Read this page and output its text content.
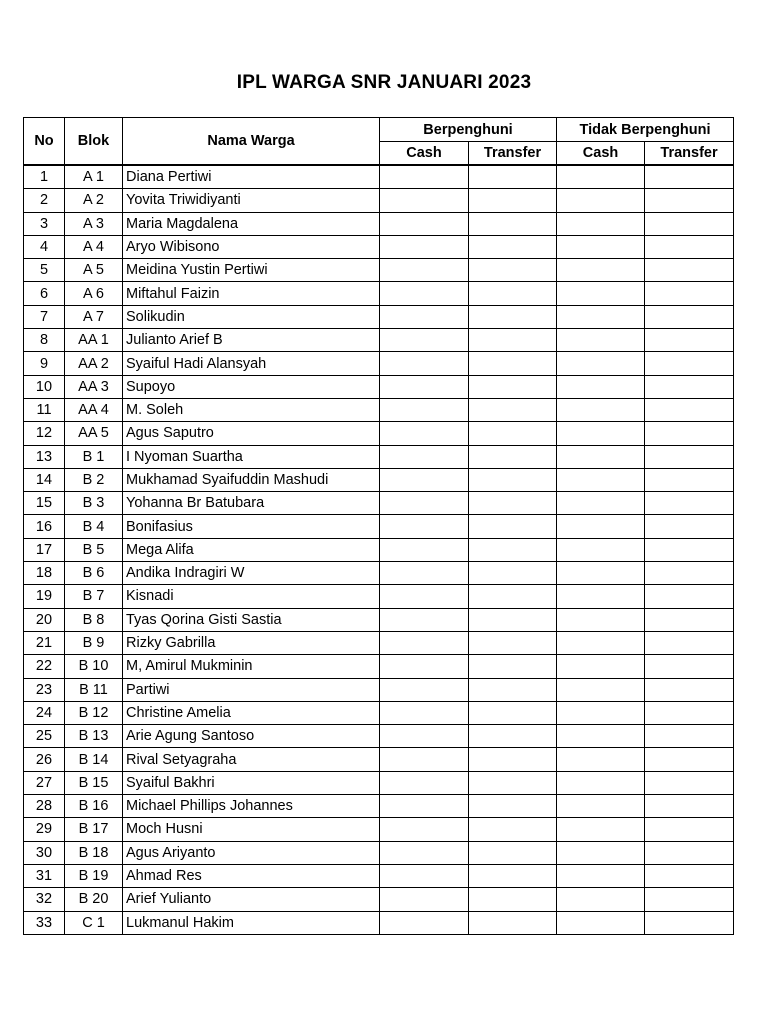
IPL WARGA SNR JANUARI 2023
No	Blok	Nama Warga	Berpenghuni		Tidak Berpenghuni	
			Cash	Transfer	Cash	Transfer
1	A 1	Diana Pertiwi				
2	A 2	Yovita Triwidiyanti				
3	A 3	Maria Magdalena				
4	A 4	Aryo Wibisono				
5	A 5	Meidina Yustin Pertiwi				
6	A 6	Miftahul Faizin				
7	A 7	Solikudin				
8	AA 1	Julianto Arief B				
9	AA 2	Syaiful Hadi Alansyah				
10	AA 3	Supoyo				
11	AA 4	M. Soleh				
12	AA 5	Agus Saputro				
13	B 1	I Nyoman Suartha				
14	B 2	Mukhamad Syaifuddin Mashudi				
15	B 3	Yohanna Br Batubara				
16	B 4	Bonifasius				
17	B 5	Mega Alifa				
18	B 6	Andika Indragiri W				
19	B 7	Kisnadi				
20	B 8	Tyas Qorina Gisti Sastia				
21	B 9	Rizky Gabrilla				
22	B 10	M, Amirul Mukminin				
23	B 11	Partiwi				
24	B 12	Christine Amelia				
25	B 13	Arie Agung Santoso				
26	B 14	Rival Setyagraha				
27	B 15	Syaiful Bakhri				
28	B 16	Michael Phillips Johannes				
29	B 17	Moch Husni				
30	B 18	Agus Ariyanto				
31	B 19	Ahmad Res				
32	B 20	Arief Yulianto				
33	C 1	Lukmanul Hakim				
